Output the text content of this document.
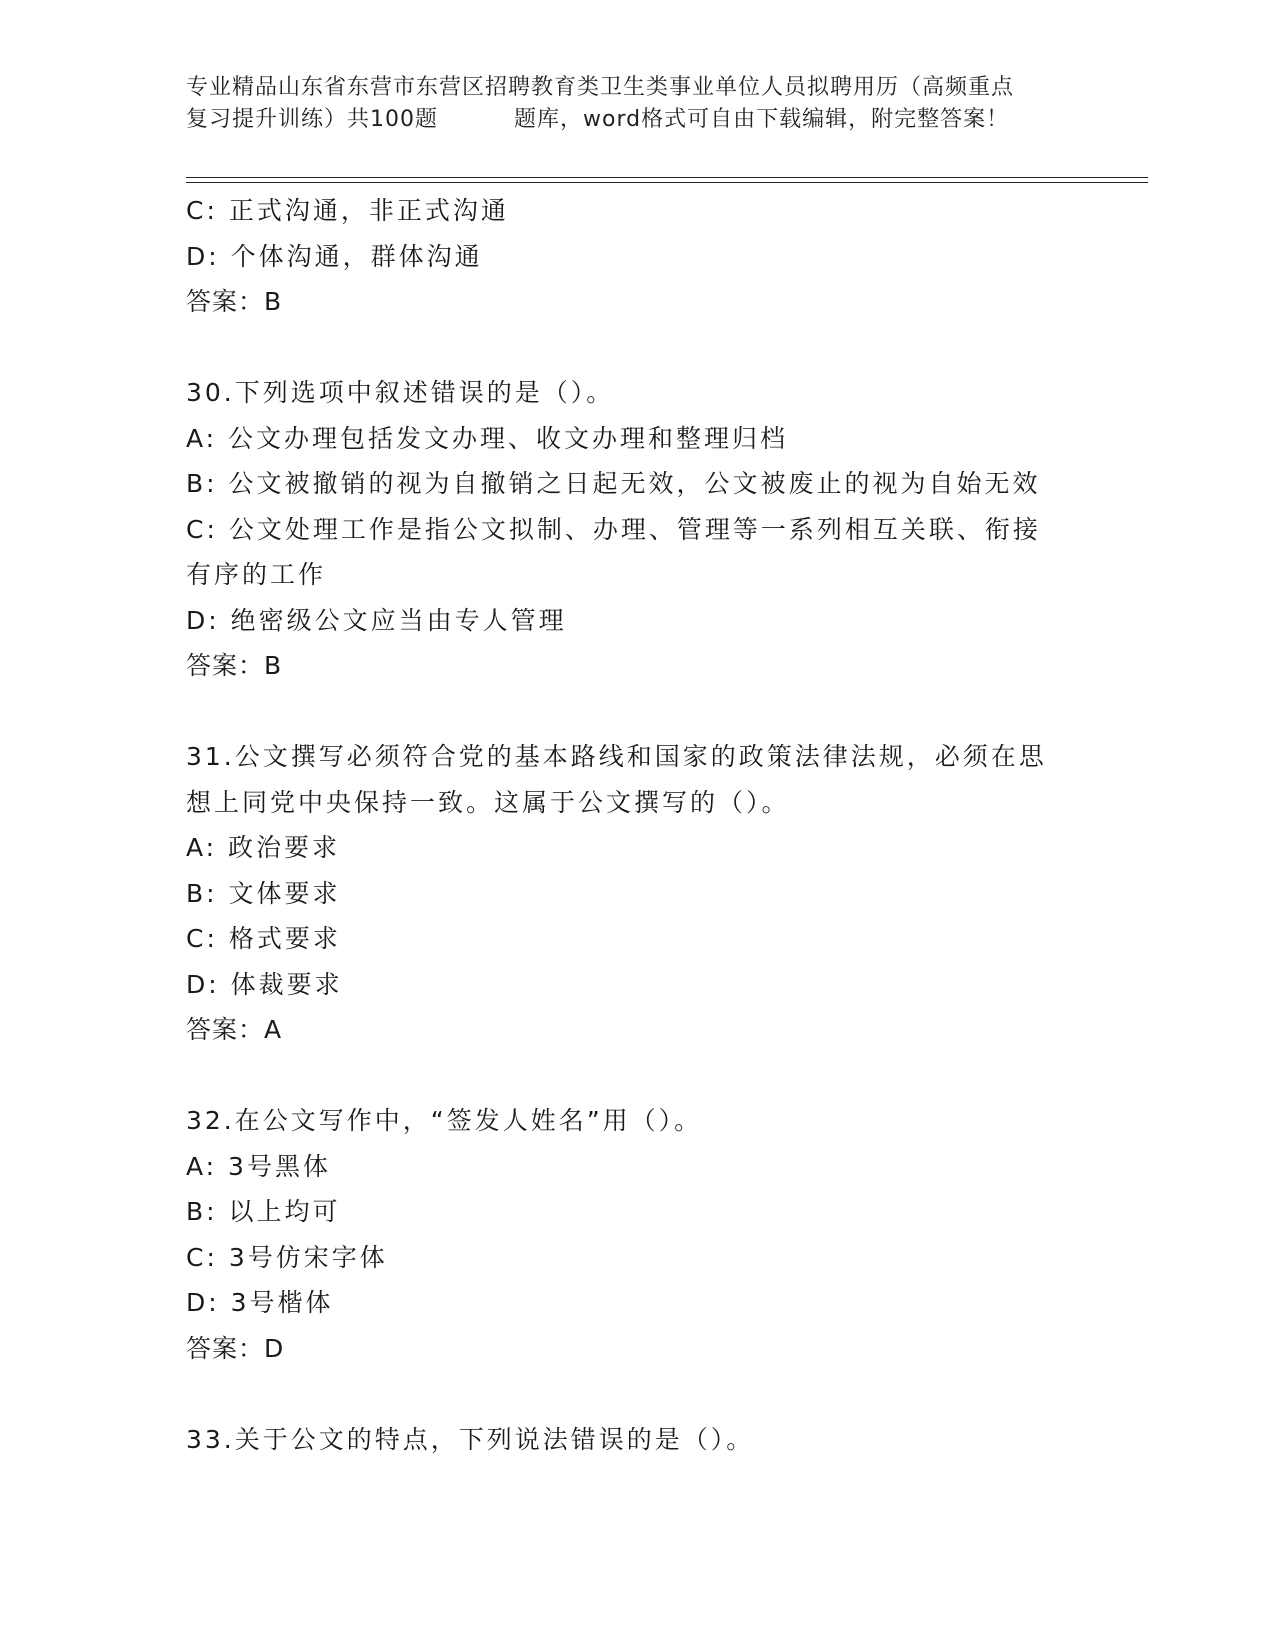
专业精品山东省东营市东营区招聘教育类卫生类事业单位人员拟聘用历（高频重点
复习提升训练）共100题	题库，word格式可自由下载编辑，附完整答案！
C: 正式沟通，非正式沟通
D: 个体沟通，群体沟通
答案：B
30.下列选项中叙述错误的是（）。
A: 公文办理包括发文办理、收文办理和整理归档
B: 公文被撤销的视为自撤销之日起无效，公文被废止的视为自始无效
C: 公文处理工作是指公文拟制、办理、管理等一系列相互关联、衔接
有序的工作
D: 绝密级公文应当由专人管理
答案：B
31.公文撰写必须符合党的基本路线和国家的政策法律法规，必须在思
想上同党中央保持一致。这属于公文撰写的（）。
A: 政治要求
B: 文体要求
C: 格式要求
D: 体裁要求
答案：A
32.在公文写作中，“签发人姓名”用（）。
A: 3号黑体
B: 以上均可
C: 3号仿宋字体
D: 3号楷体
答案：D
33.关于公文的特点，下列说法错误的是（）。
